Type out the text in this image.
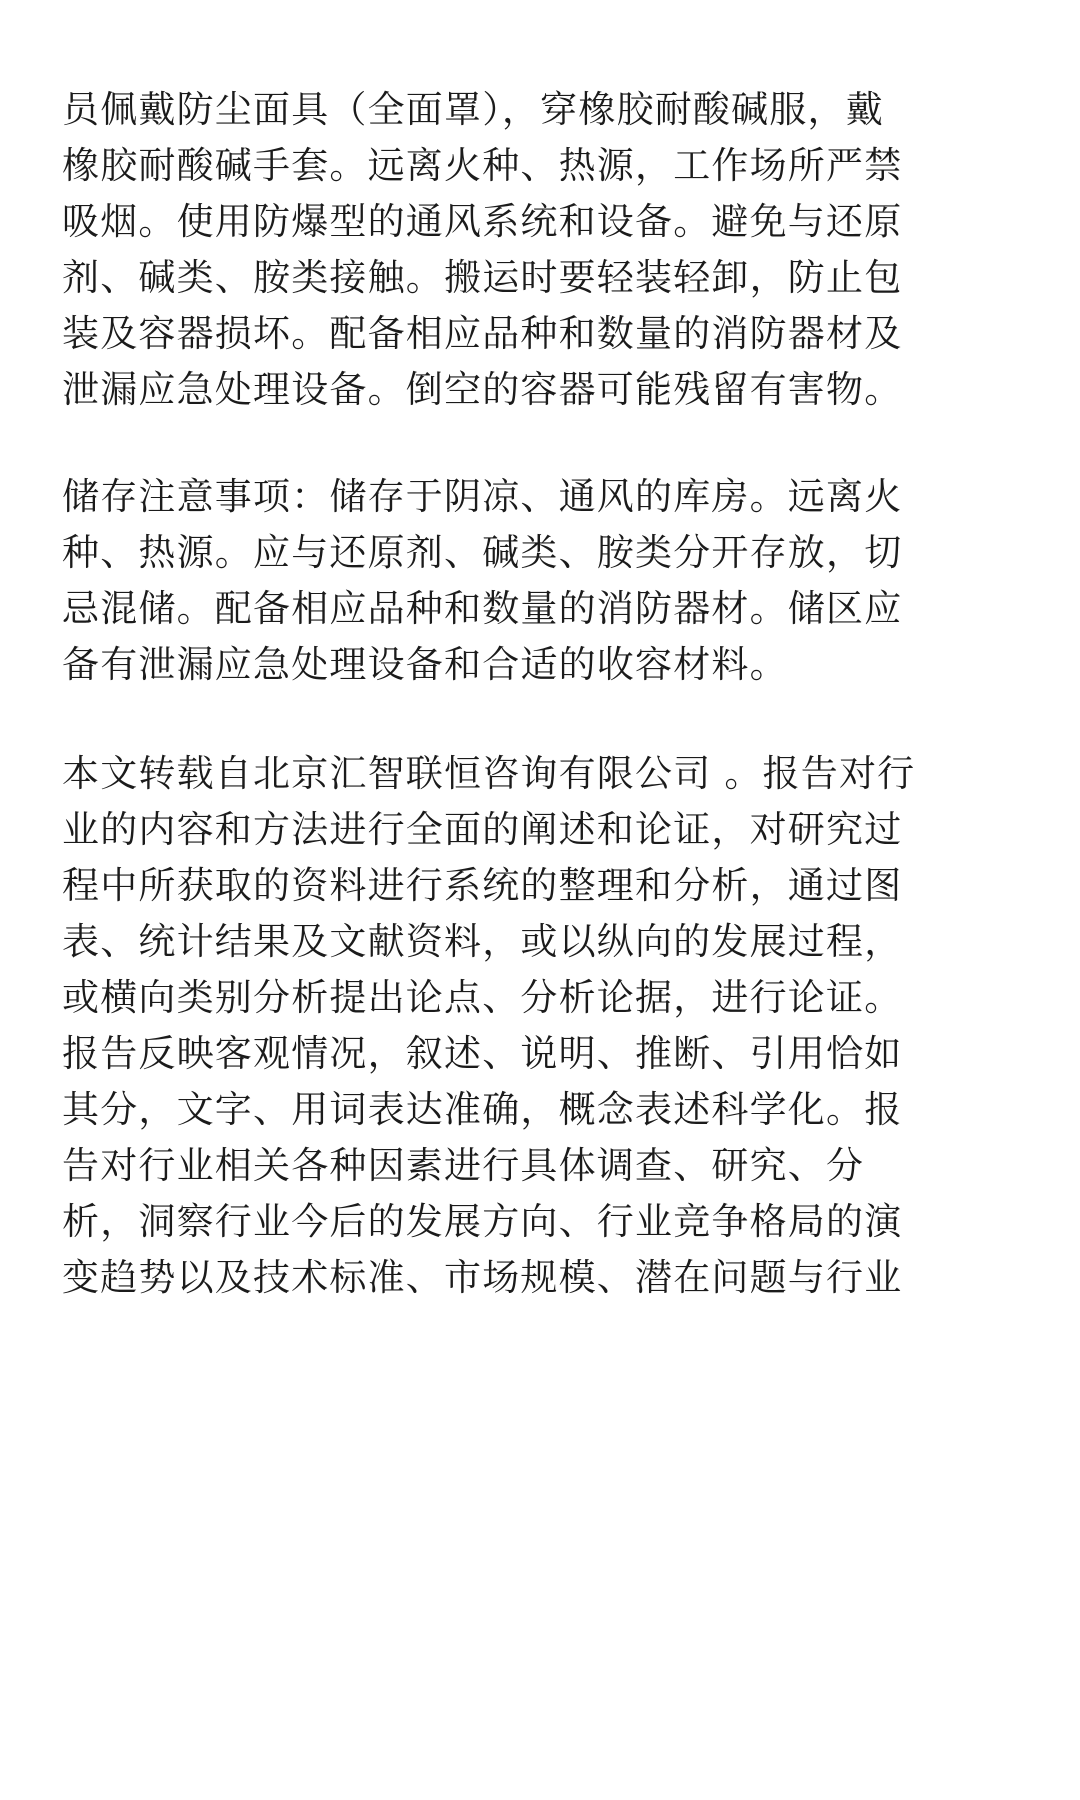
员佩戴防尘面具（全面罩），穿橡胶耐酸碱服，戴
橡胶耐酸碱手套。远离火种、热源，工作场所严禁
吸烟。使用防爆型的通风系统和设备。避免与还原
剂、碱类、胺类接触。搬运时要轻装轻卸，防止包
装及容器损坏。配备相应品种和数量的消防器材及
泄漏应急处理设备。倒空的容器可能残留有害物。
储存注意事项：储存于阴凉、通风的库房。远离火
种、热源。应与还原剂、碱类、胺类分开存放，切
忌混储。配备相应品种和数量的消防器材。储区应
备有泄漏应急处理设备和合适的收容材料。
本文转载自北京汇智联恒咨询有限公司 。报告对行
业的内容和方法进行全面的阐述和论证，对研究过
程中所获取的资料进行系统的整理和分析，通过图
表、统计结果及文献资料，或以纵向的发展过程，
或横向类别分析提出论点、分析论据，进行论证。
报告反映客观情况，叙述、说明、推断、引用恰如
其分，文字、用词表达准确，概念表述科学化。报
告对行业相关各种因素进行具体调查、研究、分
析，洞察行业今后的发展方向、行业竞争格局的演
变趋势以及技术标准、市场规模、潜在问题与行业
